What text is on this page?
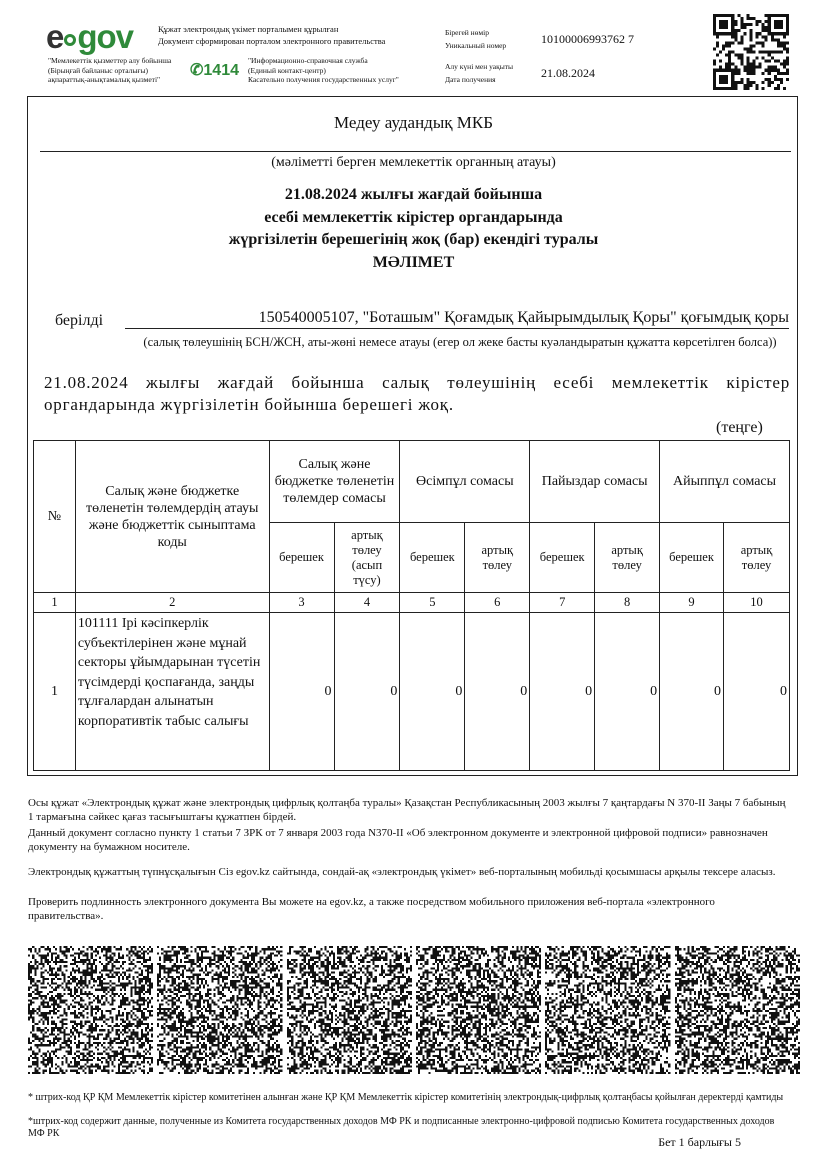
e gov	Құжат электрондық үкімет порталымен құрылған
Документ сформирован порталом электронного правительства
"Мемлекеттік қызметтер алу бойынша
(Бірыңғай байланыс орталығы)
ақпараттық-анықтамалық қызметі"
✆1414
"Информационно-справочная служба
(Единый контакт-центр)
Касательно получения государственных услуг"
Бірегей нөмір
Уникальный номер	10100006993762 7
Алу күні мен уақыты
Дата получения	21.08.2024
Медеу аудандық МКБ
(мәліметті берген мемлекеттік органның атауы)
21.08.2024 жылғы жағдай бойынша
есебі мемлекеттік кірістер органдарында
жүргізілетін берешегінің жоқ (бар) екендігі туралы
МӘЛІМЕТ
берілді	150540005107, "Боташым" Қоғамдық Қайырымдылық Қоры" қоғымдық қоры
(салық төлеушінің БСН/ЖСН, аты-жөні немесе атауы (егер ол жеке басты куәландыратын құжатта көрсетілген болса))
21.08.2024 жылғы жағдай бойынша салық төлеушінің есебі мемлекеттік кірістер органдарында жүргізілетін бойынша берешегі жоқ.
(теңге)
№	Салық және бюджетке төленетін төлемдердің атауы және бюджеттік сыныптама коды	Салық және бюджетке төленетін төлемдер сомасы		Өсімпұл сомасы		Пайыздар сомасы		Айыппұл сомасы	
		берешек	артық төлеу (асып түсу)	берешек	артық төлеу	берешек	артық төлеу	берешек	артық төлеу
1	2	3	4	5	6	7	8	9	10
1	101111 Ірі кәсіпкерлік субъектілерінен және мұнай секторы ұйымдарынан түсетін түсімдерді қоспағанда, заңды тұлғалардан алынатын корпоративтік табыс салығы	0	0	0	0	0	0	0	0
Осы құжат «Электрондық құжат және электрондық цифрлық қолтаңба туралы» Қазақстан Республикасының 2003 жылғы 7 қаңтардағы N 370-II Заңы 7 бабының 1 тармағына сәйкес қағаз тасығыштағы құжатпен бірдей.
Данный документ согласно пункту 1 статьи 7 ЗРК от 7 января 2003 года N370-II «Об электронном документе и электронной цифровой подписи» равнозначен документу на бумажном носителе.
Электрондық құжаттың түпнұсқалығын Сіз egov.kz сайтында, сондай-ақ «электрондық үкімет» веб-порталының мобильді қосымшасы арқылы тексере аласыз.
Проверить подлинность электронного документа Вы можете на egov.kz, а также посредством мобильного приложения веб-портала «электронного правительства».
* штрих-код ҚР ҚМ Мемлекеттік кірістер комитетінен алынған және ҚР ҚМ Мемлекеттік кірістер комитетінің электрондық-цифрлық қолтаңбасы қойылған деректерді қамтиды
*штрих-код содержит данные, полученные из Комитета государственных доходов МФ РК и подписанные электронно-цифровой подписью Комитета государственных доходов МФ РК
Бет 1 барлығы 5
